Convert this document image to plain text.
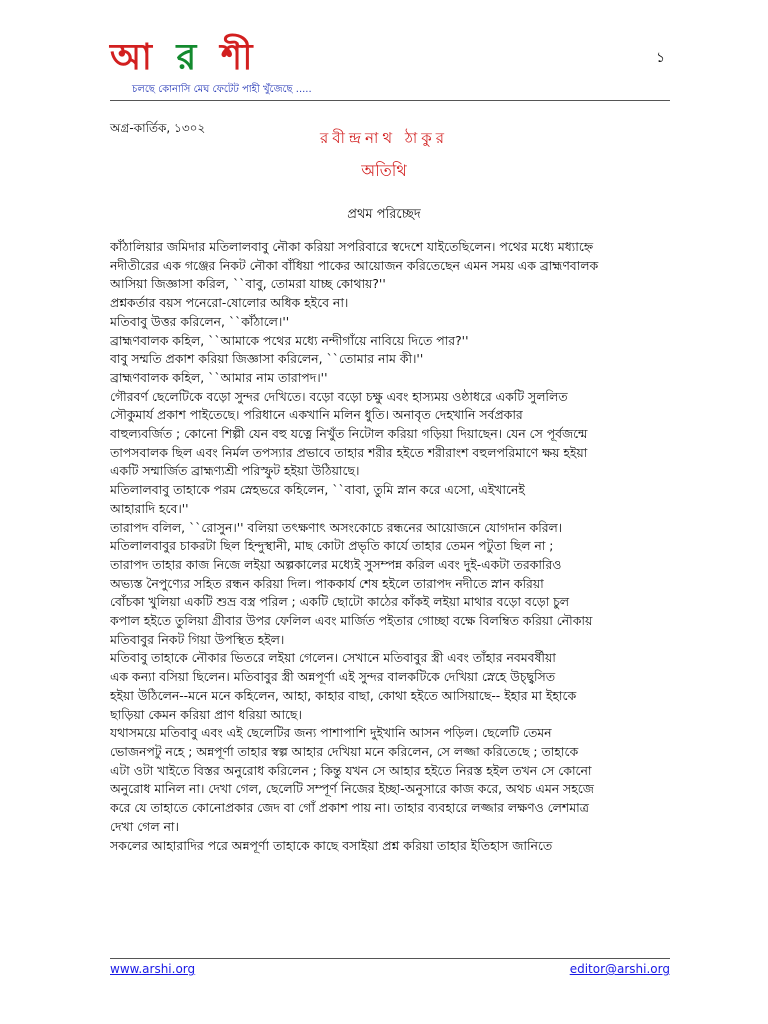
আ র শী
চলছে কোনাসি মেঘ ফেটেট পাহী খুঁজেছে .....
১
অগ্র-কার্তিক, ১৩০২
রবীন্দ্রনাথ ঠাকুর
অতিথি
প্রথম পরিচ্ছেদ

কাঁঠালিয়ার জমিদার মতিলালবাবু নৌকা করিয়া সপরিবারে স্বদেশে যাইতেছিলেন। পথের মধ্যে মধ্যাহ্নে

নদীতীরের এক গঞ্জের নিকট নৌকা বাঁধিয়া পাকের আয়োজন করিতেছেন এমন সময় এক ব্রাহ্মণবালক

আসিয়া জিজ্ঞাসা করিল, ``বাবু, তোমরা যাচ্ছ কোথায়?''

প্রশ্নকর্তার বয়স পনেরো-ষোলোর অধিক হইবে না।

মতিবাবু উত্তর করিলেন, ``কাঁঠালে।''

ব্রাহ্মণবালক কহিল, ``আমাকে পথের মধ্যে নন্দীগাঁয়ে নাবিয়ে দিতে পার?''

বাবু সম্মতি প্রকাশ করিয়া জিজ্ঞাসা করিলেন, ``তোমার নাম কী।''

ব্রাহ্মণবালক কহিল, ``আমার নাম তারাপদ।''

গৌরবর্ণ ছেলেটিকে বড়ো সুন্দর দেখিতে। বড়ো বড়ো চক্ষু এবং হাস্যময় ওষ্ঠাধরে একটি সুললিত

সৌকুমার্য প্রকাশ পাইতেছে। পরিধানে একখানি মলিন ধুতি। অনাবৃত দেহখানি সর্বপ্রকার

বাহুল্যবর্জিত ; কোনো শিল্পী যেন বহু যত্নে নিখুঁত নিটোল করিয়া গড়িয়া দিয়াছেন। যেন সে পূর্বজন্মে

তাপসবালক ছিল এবং নির্মল তপস্যার প্রভাবে তাহার শরীর হইতে শরীরাংশ বহুলপরিমাণে ক্ষয় হইয়া

একটি সম্মার্জিত ব্রাহ্মণ্যশ্রী পরিস্ফুট হইয়া উঠিয়াছে।

মতিলালবাবু তাহাকে পরম স্নেহভরে কহিলেন, ``বাবা, তুমি স্নান করে এসো, এইখানেই

আহারাদি হবে।''

তারাপদ বলিল, ``রোসুন।'' বলিয়া তৎক্ষণাৎ অসংকোচে রন্ধনের আয়োজনে যোগদান করিল।

মতিলালবাবুর চাকরটা ছিল হিন্দুস্থানী, মাছ কোটা প্রভৃতি কার্যে তাহার তেমন পটুতা ছিল না ;

তারাপদ তাহার কাজ নিজে লইয়া অল্পকালের মধ্যেই সুসম্পন্ন করিল এবং দুই-একটা তরকারিও

অভ্যস্ত নৈপুণ্যের সহিত রন্ধন করিয়া দিল। পাককার্য শেষ হইলে তারাপদ নদীতে স্নান করিয়া

বোঁচকা খুলিয়া একটি শুভ্র বস্ত্র পরিল ; একটি ছোটো কাঠের কাঁকই লইয়া মাথার বড়ো বড়ো চুল

কপাল হইতে তুলিয়া গ্রীবার উপর ফেলিল এবং মার্জিত পইতার গোচ্ছা বক্ষে বিলম্বিত করিয়া নৌকায়

মতিবাবুর নিকট গিয়া উপস্থিত হইল।

মতিবাবু তাহাকে নৌকার ভিতরে লইয়া গেলেন। সেখানে মতিবাবুর স্ত্রী এবং তাঁহার নবমবর্ষীয়া

এক কন্যা বসিয়া ছিলেন। মতিবাবুর স্ত্রী অন্নপূর্ণা এই সুন্দর বালকটিকে দেখিয়া স্নেহে উচ্ছ্বসিত

হইয়া উঠিলেন--মনে মনে কহিলেন, আহা, কাহার বাছা, কোথা হইতে আসিয়াছে-- ইহার মা ইহাকে

ছাড়িয়া কেমন করিয়া প্রাণ ধরিয়া আছে।

যথাসময়ে মতিবাবু এবং এই ছেলেটির জন্য পাশাপাশি দুইখানি আসন পড়িল। ছেলেটি তেমন

ভোজনপটু নহে ; অন্নপূর্ণা তাহার স্বল্প আহার দেখিয়া মনে করিলেন, সে লজ্জা করিতেছে ; তাহাকে

এটা ওটা খাইতে বিস্তর অনুরোধ করিলেন ; কিন্তু যখন সে আহার হইতে নিরস্ত হইল তখন সে কোনো

অনুরোধ মানিল না। দেখা গেল, ছেলেটি সম্পূর্ণ নিজের ইচ্ছা-অনুসারে কাজ করে, অথচ এমন সহজে

করে যে তাহাতে কোনোপ্রকার জেদ বা গোঁ প্রকাশ পায় না। তাহার ব্যবহারে লজ্জার লক্ষণও লেশমাত্র

দেখা গেল না।

সকলের আহারাদির পরে অন্নপূর্ণা তাহাকে কাছে বসাইয়া প্রশ্ন করিয়া তাহার ইতিহাস জানিতে

www.arshi.org	editor@arshi.org
